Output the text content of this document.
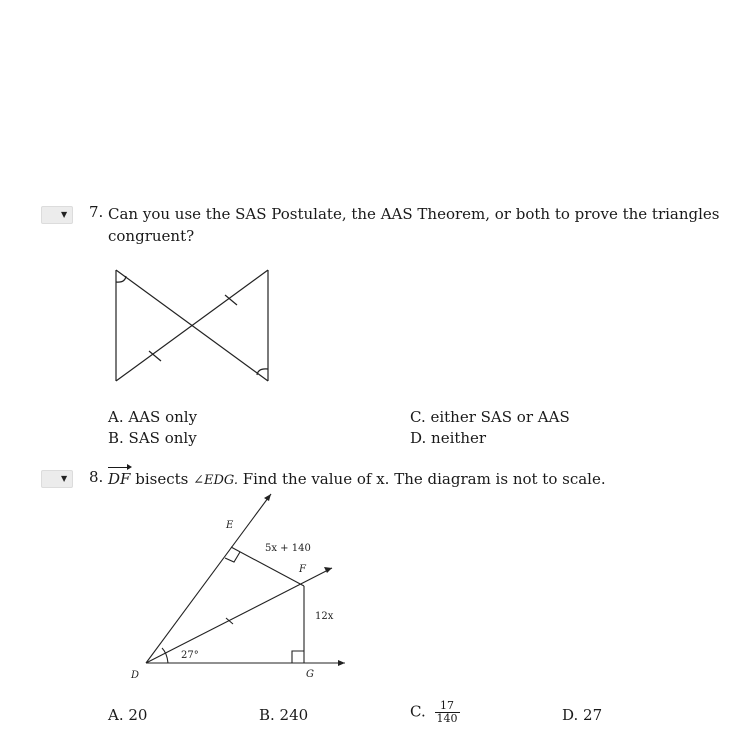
▼ 7. Can you use the SAS Postulate, the AAS Theorem, or both to prove the triangles
congruent?
A. AAS only
B. SAS only
C. either SAS or AAS
D. neither
▼ 8. DF bisects ∠EDG. Find the value of x. The diagram is not to scale.
E
F
D	G
5x + 140
12x
27°
A. 20	B. 240	C. $\frac{17}{140}$	D. 27
